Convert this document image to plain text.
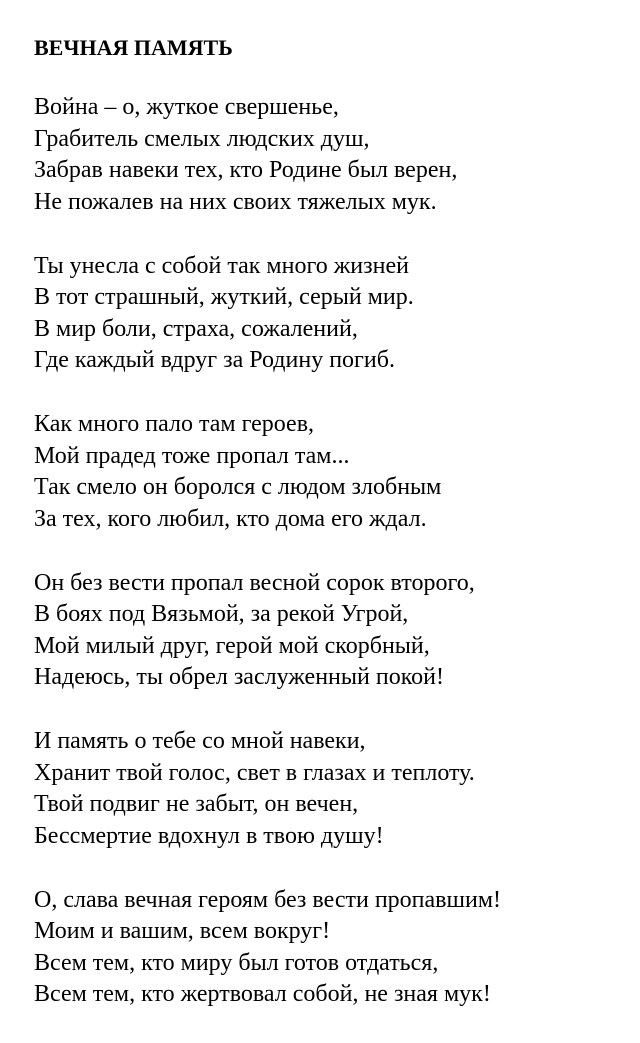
ВЕЧНАЯ ПАМЯТЬ
Война – о, жуткое свершенье,
Грабитель смелых людских душ,
Забрав навеки тех, кто Родине был верен,
Не пожалев на них своих тяжелых мук.
Ты унесла с собой так много жизней
В тот страшный, жуткий, серый мир.
В мир боли, страха, сожалений,
Где каждый вдруг за Родину погиб.
Как много пало там героев,
Мой прадед тоже пропал там...
Так смело он боролся с людом злобным
За тех, кого любил, кто дома его ждал.
Он без вести пропал весной сорок второго,
В боях под Вязьмой, за рекой Угрой,
Мой милый друг, герой мой скорбный,
Надеюсь, ты обрел заслуженный покой!
И память о тебе со мной навеки,
Хранит твой голос, свет в глазах и теплоту.
Твой подвиг не забыт, он вечен,
Бессмертие вдохнул в твою душу!
О, слава вечная героям без вести пропавшим!
Моим и вашим, всем вокруг!
Всем тем, кто миру был готов отдаться,
Всем тем, кто жертвовал собой, не зная мук!
